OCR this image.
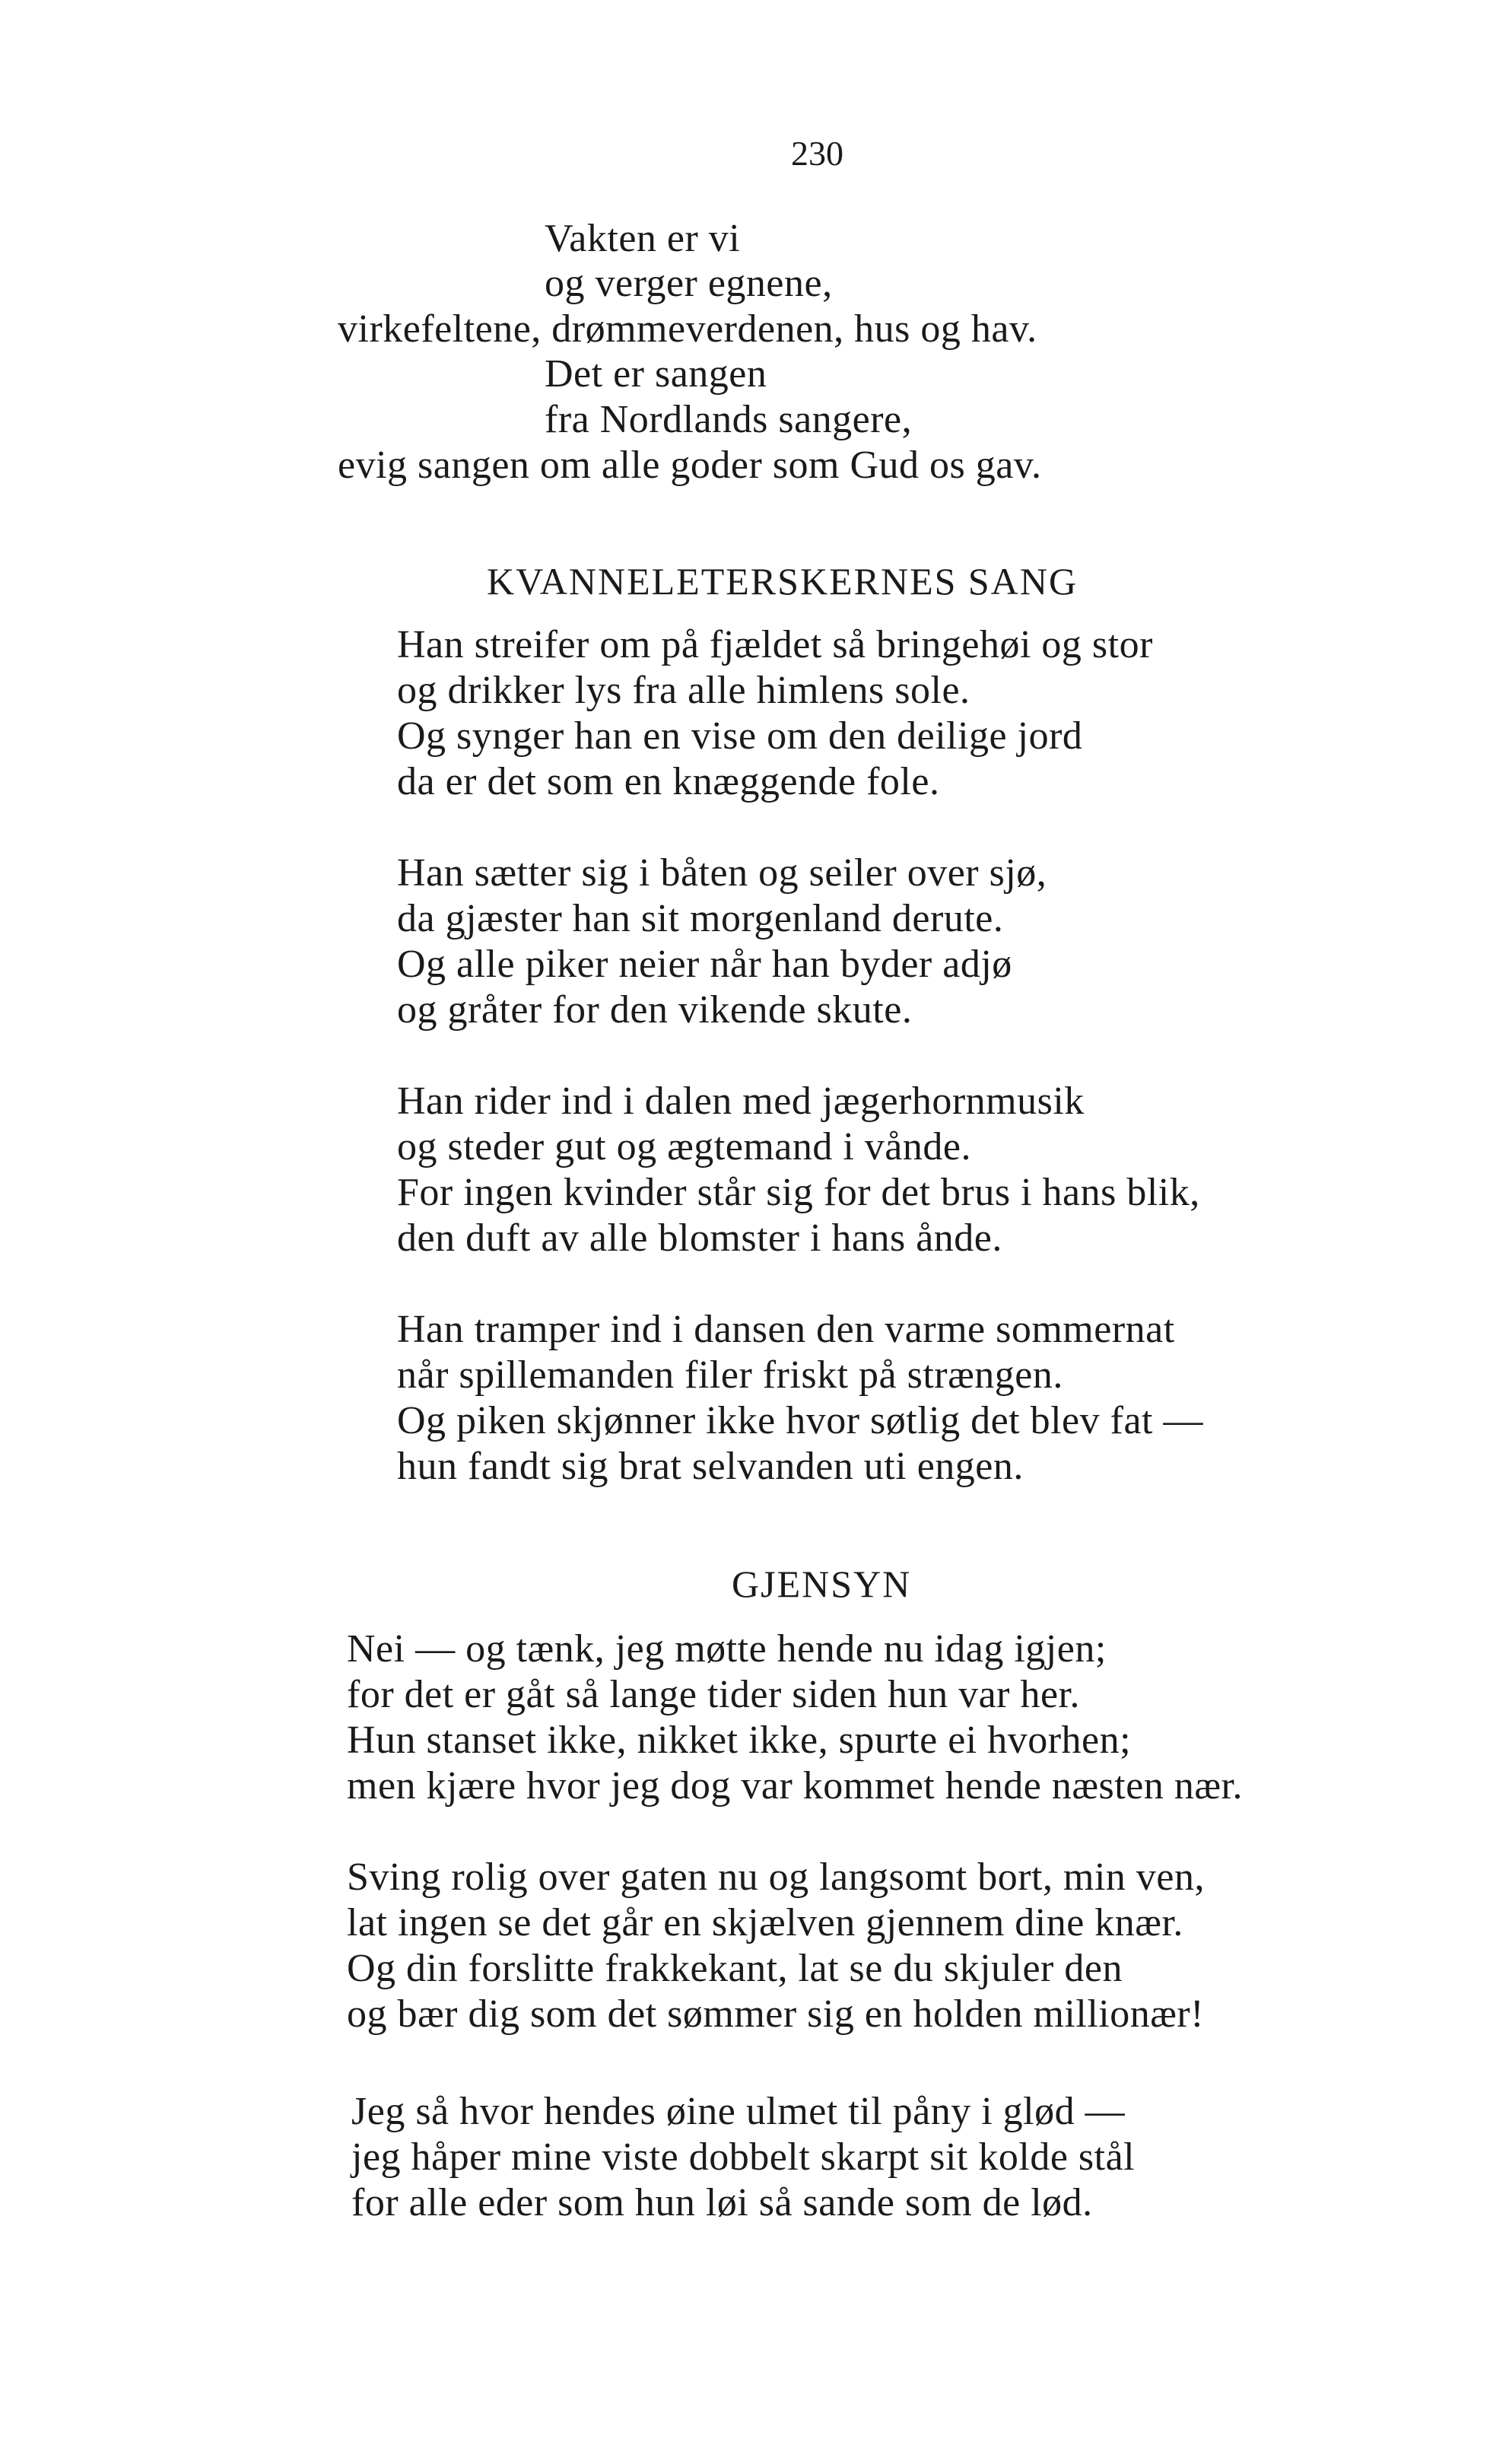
230
Vakten er vi
og verger egnene,
virkefeltene, drømmeverdenen, hus og hav.
Det er sangen
fra Nordlands sangere,
evig sangen om alle goder som Gud os gav.
KVANNELETERSKERNES SANG
Han streifer om på fjældet så bringehøi og stor
og drikker lys fra alle himlens sole.
Og synger han en vise om den deilige jord
da er det som en knæggende fole.
Han sætter sig i båten og seiler over sjø,
da gjæster han sit morgenland derute.
Og alle piker neier når han byder adjø
og gråter for den vikende skute.
Han rider ind i dalen med jægerhornmusik
og steder gut og ægtemand i vånde.
For ingen kvinder står sig for det brus i hans blik,
den duft av alle blomster i hans ånde.
Han tramper ind i dansen den varme sommernat
når spillemanden filer friskt på strængen.
Og piken skjønner ikke hvor søtlig det blev fat —
hun fandt sig brat selvanden uti engen.
GJENSYN
Nei — og tænk, jeg møtte hende nu idag igjen;
for det er gåt så lange tider siden hun var her.
Hun stanset ikke, nikket ikke, spurte ei hvorhen;
men kjære hvor jeg dog var kommet hende næsten nær.
Sving rolig over gaten nu og langsomt bort, min ven,
lat ingen se det går en skjælven gjennem dine knær.
Og din forslitte frakkekant, lat se du skjuler den
og bær dig som det sømmer sig en holden millionær!
Jeg så hvor hendes øine ulmet til påny i glød —
jeg håper mine viste dobbelt skarpt sit kolde stål
for alle eder som hun løi så sande som de lød.
